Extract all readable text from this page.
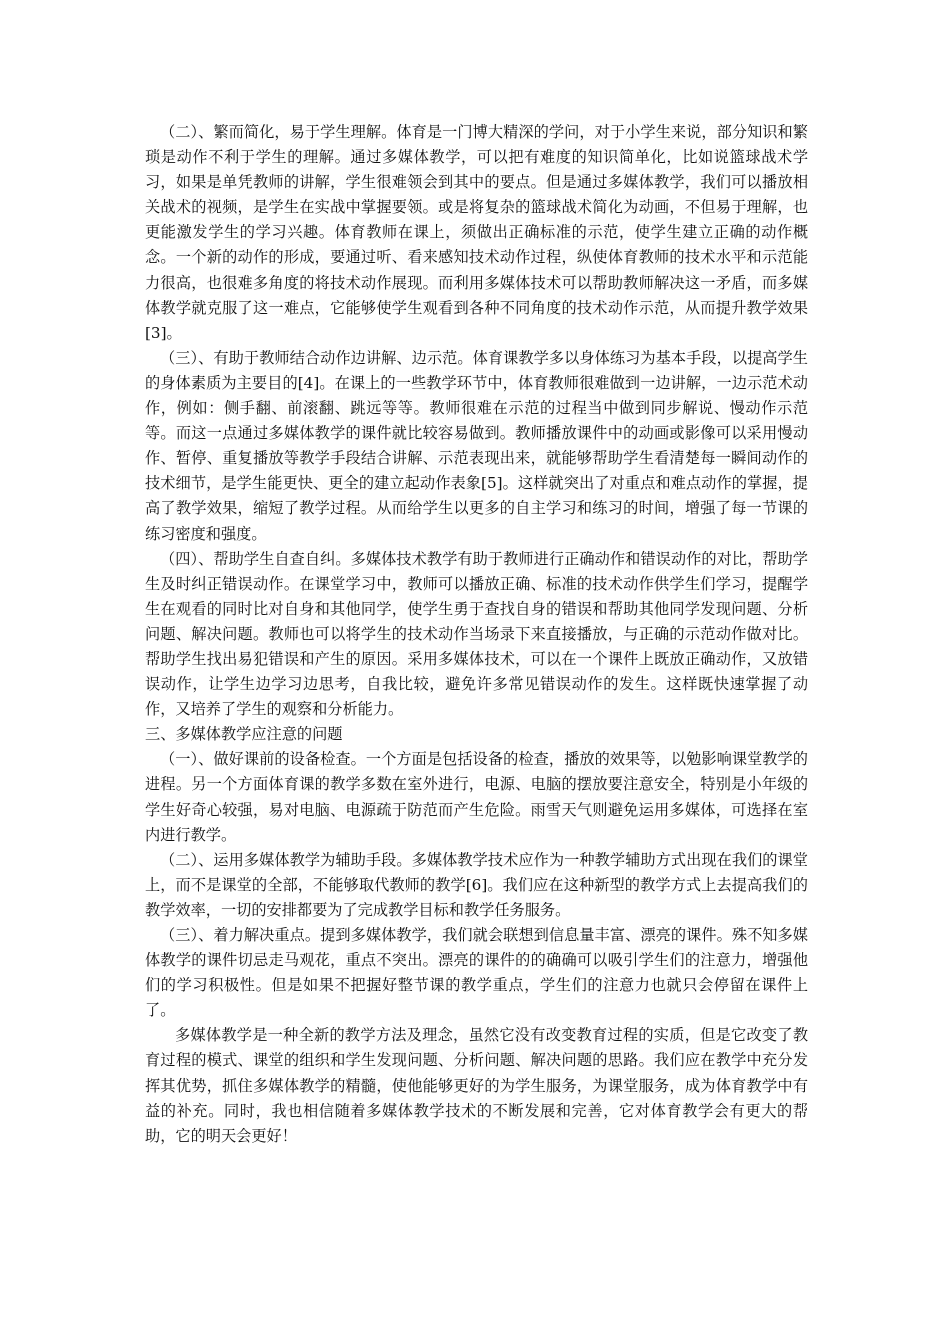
（二）、繁而简化，易于学生理解。体育是一门博大精深的学问，对于小学生来说，部分知识和繁琐是动作不利于学生的理解。通过多媒体教学，可以把有难度的知识简单化，比如说篮球战术学习，如果是单凭教师的讲解，学生很难领会到其中的要点。但是通过多媒体教学，我们可以播放相关战术的视频，是学生在实战中掌握要领。或是将复杂的篮球战术简化为动画，不但易于理解，也更能激发学生的学习兴趣。体育教师在课上，须做出正确标准的示范，使学生建立正确的动作概念。一个新的动作的形成，要通过听、看来感知技术动作过程，纵使体育教师的技术水平和示范能力很高，也很难多角度的将技术动作展现。而利用多媒体技术可以帮助教师解决这一矛盾，而多媒体教学就克服了这一难点，它能够使学生观看到各种不同角度的技术动作示范，从而提升教学效果[3]。

（三）、有助于教师结合动作边讲解、边示范。体育课教学多以身体练习为基本手段，以提高学生的身体素质为主要目的[4]。在课上的一些教学环节中，体育教师很难做到一边讲解，一边示范术动作，例如：侧手翻、前滚翻、跳远等等。教师很难在示范的过程当中做到同步解说、慢动作示范等。而这一点通过多媒体教学的课件就比较容易做到。教师播放课件中的动画或影像可以采用慢动作、暂停、重复播放等教学手段结合讲解、示范表现出来，就能够帮助学生看清楚每一瞬间动作的技术细节，是学生能更快、更全的建立起动作表象[5]。这样就突出了对重点和难点动作的掌握，提高了教学效果，缩短了教学过程。从而给学生以更多的自主学习和练习的时间，增强了每一节课的练习密度和强度。

（四）、帮助学生自查自纠。多媒体技术教学有助于教师进行正确动作和错误动作的对比，帮助学生及时纠正错误动作。在课堂学习中，教师可以播放正确、标准的技术动作供学生们学习，提醒学生在观看的同时比对自身和其他同学，使学生勇于查找自身的错误和帮助其他同学发现问题、分析问题、解决问题。教师也可以将学生的技术动作当场录下来直接播放，与正确的示范动作做对比。帮助学生找出易犯错误和产生的原因。采用多媒体技术，可以在一个课件上既放正确动作，又放错误动作，让学生边学习边思考，自我比较，避免许多常见错误动作的发生。这样既快速掌握了动作，又培养了学生的观察和分析能力。

三、多媒体教学应注意的问题

（一）、做好课前的设备检查。一个方面是包括设备的检查，播放的效果等，以勉影响课堂教学的进程。另一个方面体育课的教学多数在室外进行，电源、电脑的摆放要注意安全，特别是小年级的学生好奇心较强，易对电脑、电源疏于防范而产生危险。雨雪天气则避免运用多媒体，可选择在室内进行教学。

（二）、运用多媒体教学为辅助手段。多媒体教学技术应作为一种教学辅助方式出现在我们的课堂上，而不是课堂的全部，不能够取代教师的教学[6]。我们应在这种新型的教学方式上去提高我们的教学效率，一切的安排都要为了完成教学目标和教学任务服务。

（三）、着力解决重点。提到多媒体教学，我们就会联想到信息量丰富、漂亮的课件。殊不知多媒体教学的课件切忌走马观花，重点不突出。漂亮的课件的的确确可以吸引学生们的注意力，增强他们的学习积极性。但是如果不把握好整节课的教学重点，学生们的注意力也就只会停留在课件上了。

多媒体教学是一种全新的教学方法及理念，虽然它没有改变教育过程的实质，但是它改变了教育过程的模式、课堂的组织和学生发现问题、分析问题、解决问题的思路。我们应在教学中充分发挥其优势，抓住多媒体教学的精髓，使他能够更好的为学生服务，为课堂服务，成为体育教学中有益的补充。同时，我也相信随着多媒体教学技术的不断发展和完善，它对体育教学会有更大的帮助，它的明天会更好！
